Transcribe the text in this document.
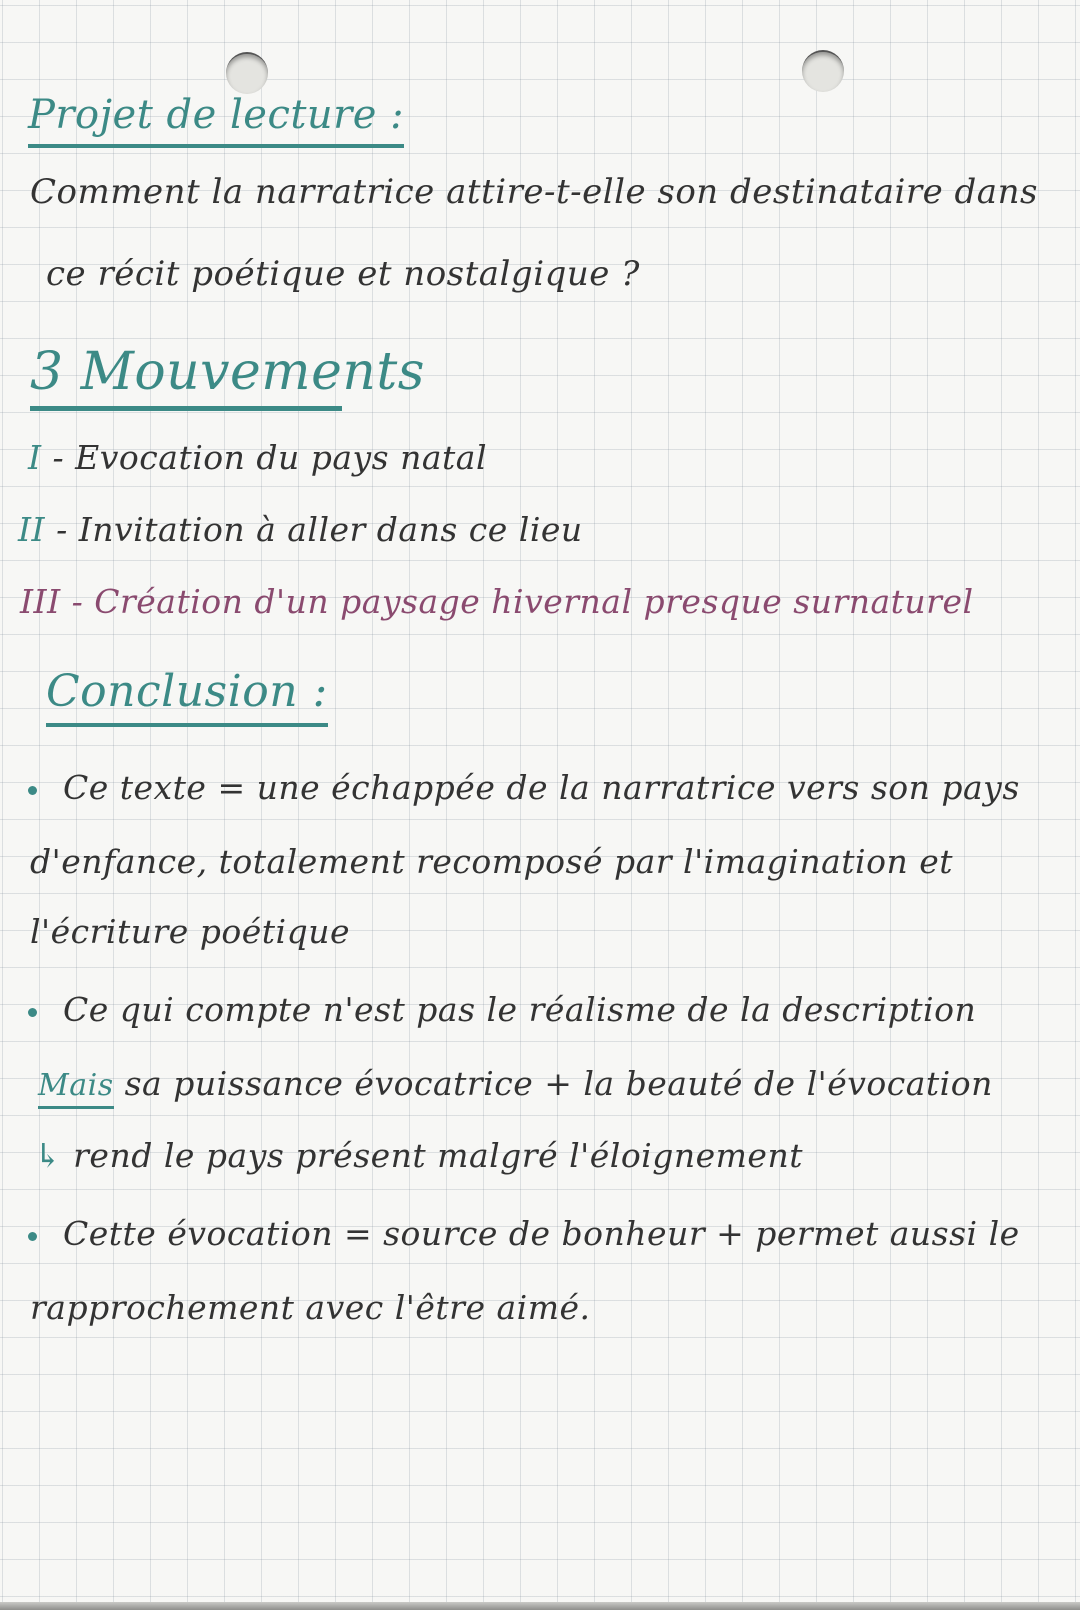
Projet de lecture :
Comment la narratrice attire-t-elle son destinataire dans
ce récit poétique et nostalgique ?
3 Mouvements
I - Evocation du pays natal
II - Invitation à aller dans ce lieu
III - Création d'un paysage hivernal presque surnaturel
Conclusion :
Ce texte = une échappée de la narratrice vers son pays
d'enfance, totalement recomposé par l'imagination et
l'écriture poétique
Ce qui compte n'est pas le réalisme de la description
Mais sa puissance évocatrice + la beauté de l'évocation
↳ rend le pays présent malgré l'éloignement
Cette évocation = source de bonheur + permet aussi le
rapprochement avec l'être aimé.
